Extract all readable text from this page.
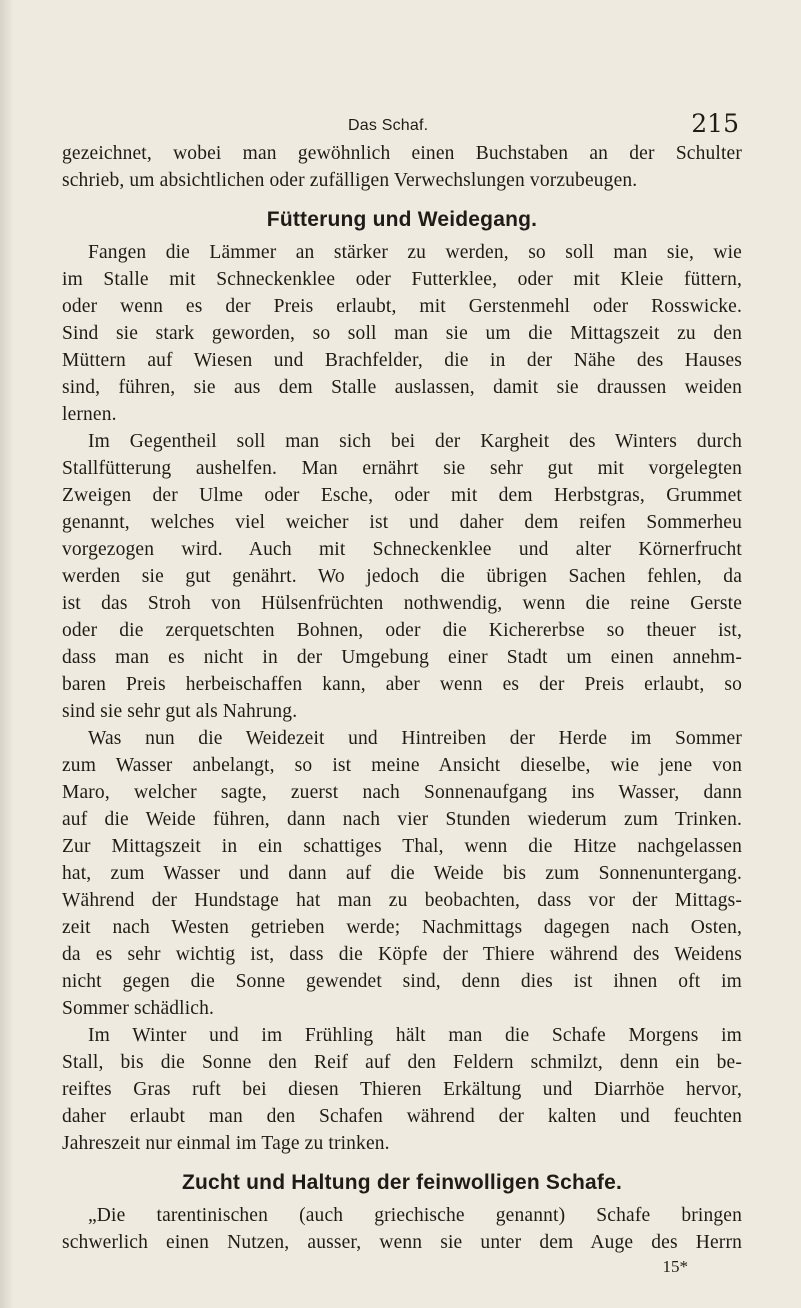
Das Schaf.	215
gezeichnet, wobei man gewöhnlich einen Buchstaben an der Schulter
schrieb, um absichtlichen oder zufälligen Verwechslungen vorzubeugen.
Fütterung und Weidegang.
Fangen die Lämmer an stärker zu werden, so soll man sie, wie
im Stalle mit Schneckenklee oder Futterklee, oder mit Kleie füttern,
oder wenn es der Preis erlaubt, mit Gerstenmehl oder Rosswicke.
Sind sie stark geworden, so soll man sie um die Mittagszeit zu den
Müttern auf Wiesen und Brachfelder, die in der Nähe des Hauses
sind, führen, sie aus dem Stalle auslassen, damit sie draussen weiden
lernen.
Im Gegentheil soll man sich bei der Kargheit des Winters durch
Stallfütterung aushelfen. Man ernährt sie sehr gut mit vorgelegten
Zweigen der Ulme oder Esche, oder mit dem Herbstgras, Grummet
genannt, welches viel weicher ist und daher dem reifen Sommerheu
vorgezogen wird. Auch mit Schneckenklee und alter Körnerfrucht
werden sie gut genährt. Wo jedoch die übrigen Sachen fehlen, da
ist das Stroh von Hülsenfrüchten nothwendig, wenn die reine Gerste
oder die zerquetschten Bohnen, oder die Kichererbse so theuer ist,
dass man es nicht in der Umgebung einer Stadt um einen annehm-
baren Preis herbeischaffen kann, aber wenn es der Preis erlaubt, so
sind sie sehr gut als Nahrung.
Was nun die Weidezeit und Hintreiben der Herde im Sommer
zum Wasser anbelangt, so ist meine Ansicht dieselbe, wie jene von
Maro, welcher sagte, zuerst nach Sonnenaufgang ins Wasser, dann
auf die Weide führen, dann nach vier Stunden wiederum zum Trinken.
Zur Mittagszeit in ein schattiges Thal, wenn die Hitze nachgelassen
hat, zum Wasser und dann auf die Weide bis zum Sonnenuntergang.
Während der Hundstage hat man zu beobachten, dass vor der Mittags-
zeit nach Westen getrieben werde; Nachmittags dagegen nach Osten,
da es sehr wichtig ist, dass die Köpfe der Thiere während des Weidens
nicht gegen die Sonne gewendet sind, denn dies ist ihnen oft im
Sommer schädlich.
Im Winter und im Frühling hält man die Schafe Morgens im
Stall, bis die Sonne den Reif auf den Feldern schmilzt, denn ein be-
reiftes Gras ruft bei diesen Thieren Erkältung und Diarrhöe hervor,
daher erlaubt man den Schafen während der kalten und feuchten
Jahreszeit nur einmal im Tage zu trinken.
Zucht und Haltung der feinwolligen Schafe.
„Die tarentinischen (auch griechische genannt) Schafe bringen
schwerlich einen Nutzen, ausser, wenn sie unter dem Auge des Herrn
15*
